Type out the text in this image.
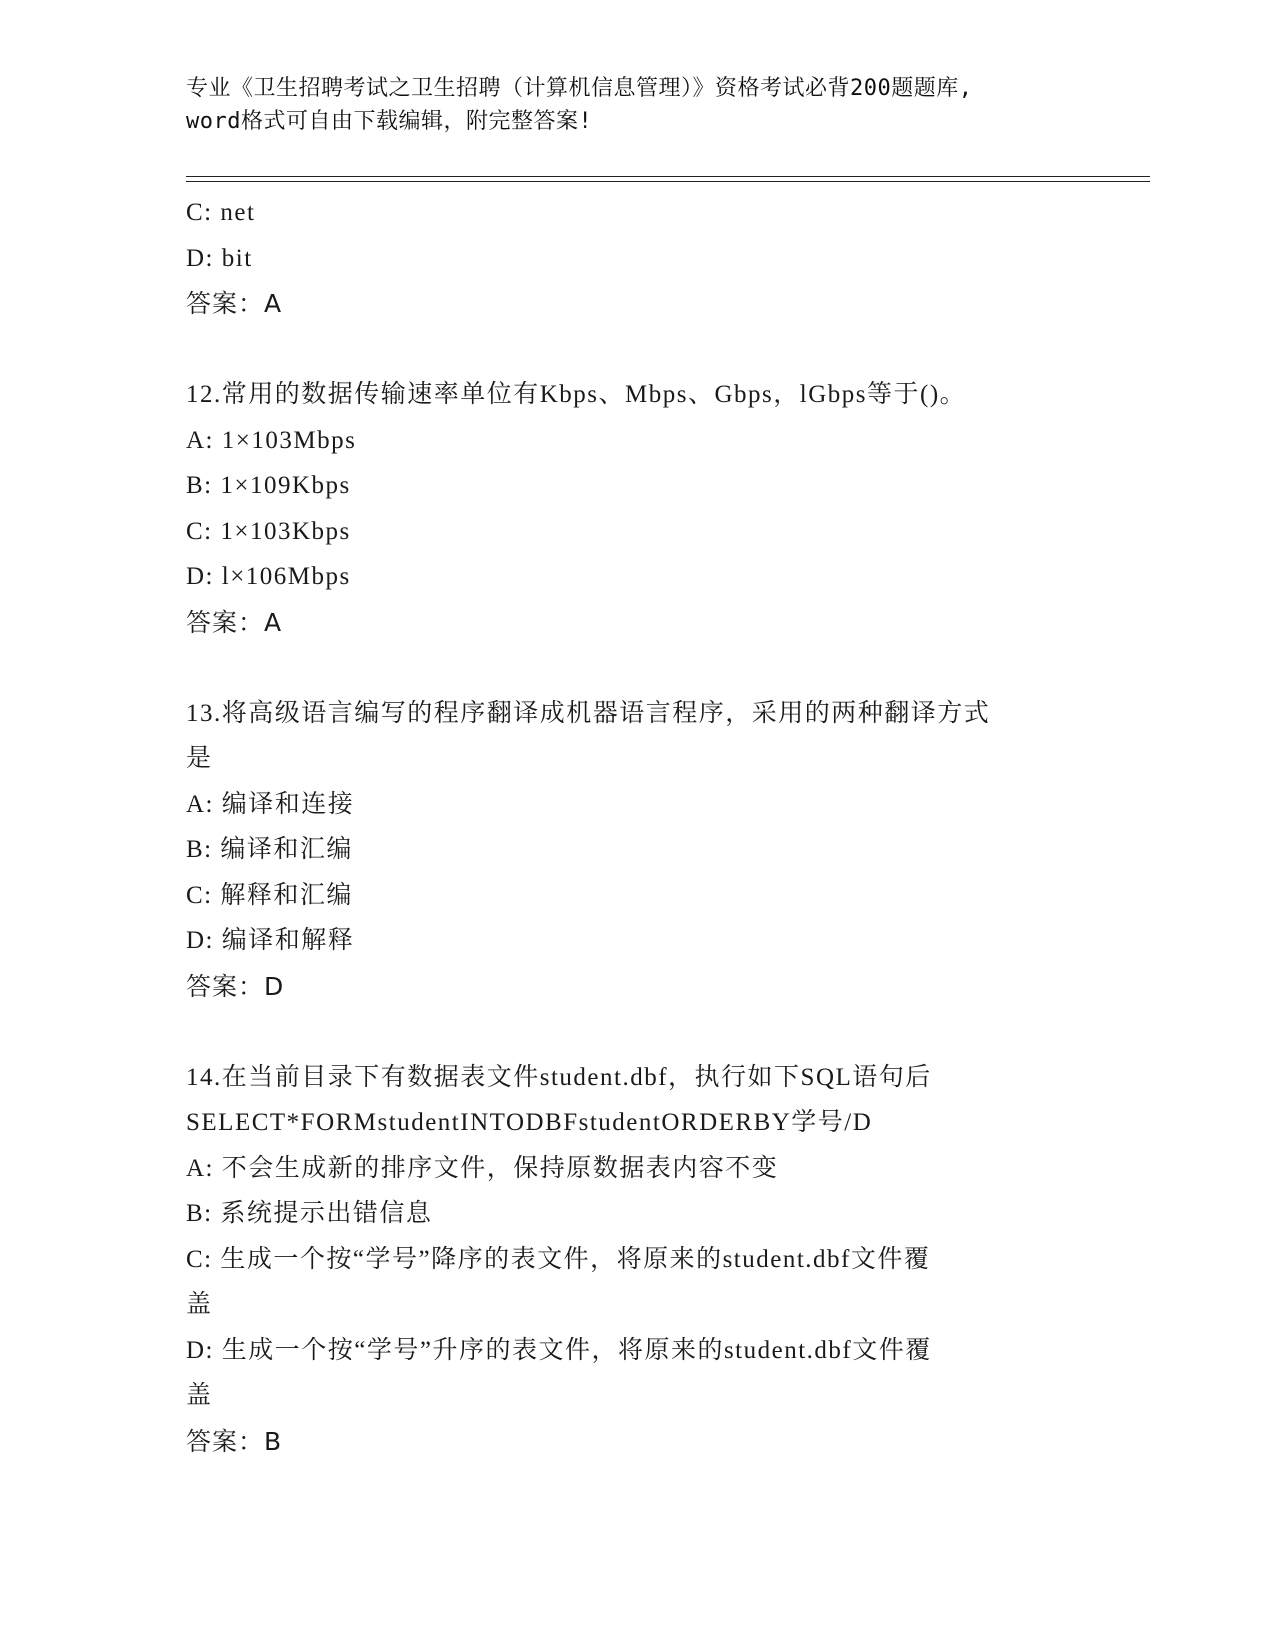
专业《卫生招聘考试之卫生招聘（计算机信息管理）》资格考试必背200题题库,
word格式可自由下载编辑，附完整答案!
C: net
D: bit
答案：A
12.常用的数据传输速率单位有Kbps、Mbps、Gbps，lGbps等于()。
A: 1×103Mbps
B: 1×109Kbps
C: 1×103Kbps
D: l×106Mbps
答案：A
13.将高级语言编写的程序翻译成机器语言程序，采用的两种翻译方式
是
A: 编译和连接
B: 编译和汇编
C: 解释和汇编
D: 编译和解释
答案：D
14.在当前目录下有数据表文件student.dbf，执行如下SQL语句后
SELECT*FORMstudentINTODBFstudentORDERBY学号/D
A: 不会生成新的排序文件，保持原数据表内容不变
B: 系统提示出错信息
C: 生成一个按“学号”降序的表文件，将原来的student.dbf文件覆
盖
D: 生成一个按“学号”升序的表文件，将原来的student.dbf文件覆
盖
答案：B
